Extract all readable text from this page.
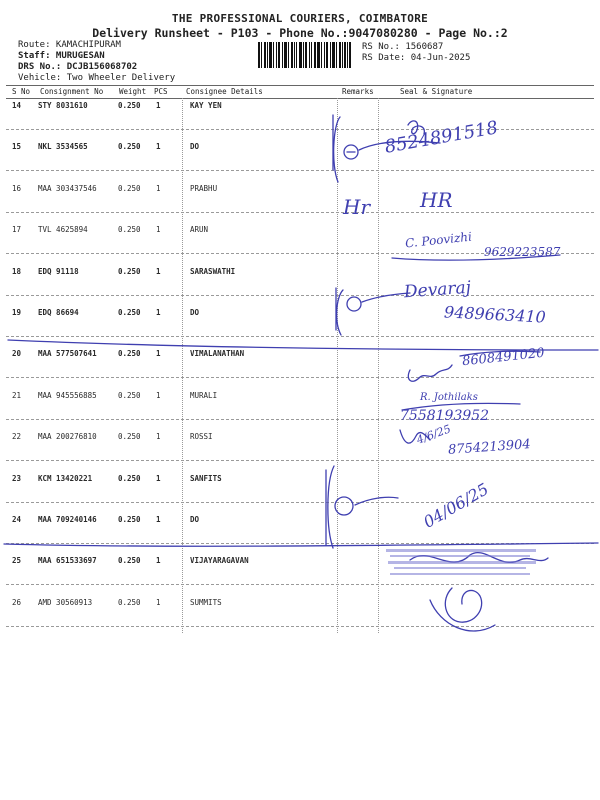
THE PROFESSIONAL COURIERS, COIMBATORE
Delivery Runsheet - P103 - Phone No.:9047080280 - Page No.:2
Route: KAMACHIPURAM
Staff: MURUGESAN
DRS No.: DCJB156068702
Vehicle: Two Wheeler Delivery
RS No.: 1560687
RS Date: 04-Jun-2025
S No Consignment No Weight PCS Consignee Details	Remarks	Seal & Signature
14 STY 8031610	0.250 1	KAY YEN
15 NKL 3534565	0.250 1	DO
16 MAA 303437546	0.250 1	PRABHU
17 TVL 4625894	0.250 1	ARUN
18 EDQ 91118	0.250 1	SARASWATHI
19 EDQ 86694	0.250 1	DO
20 MAA 577507641	0.250 1	VIMALANATHAN
21 MAA 945556885	0.250 1	MURALI
22 MAA 200276810	0.250 1	ROSSI
23 KCM 13420221	0.250 1	SANFITS
24 MAA 709240146	0.250 1	DO
25 MAA 651533697	0.250 1	VIJAYARAGAVAN
26 AMD 30560913	0.250 1	SUMMITS
8524891518
Hr HR
C. Poovizhi
9629223587
Devaraj
9489663410
8608491020
R. Jothilaks
7558193952
4/6/25
8754213904
04/06/25
